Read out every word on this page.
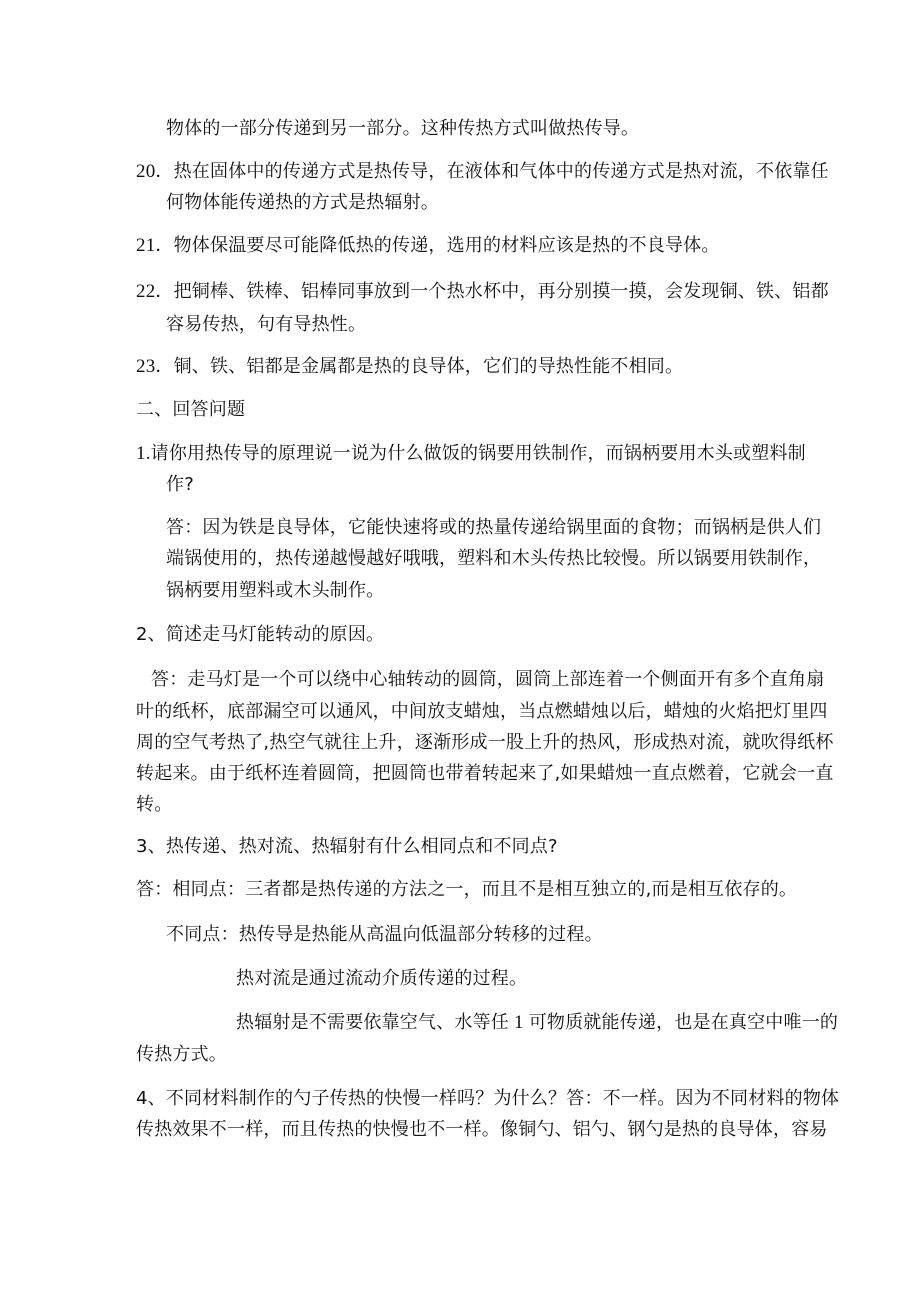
物体的一部分传递到另一部分。这种传热方式叫做热传导。
20．热在固体中的传递方式是热传导，在液体和气体中的传递方式是热对流，不依靠任
何物体能传递热的方式是热辐射。
21．物体保温要尽可能降低热的传递，选用的材料应该是热的不良导体。
22．把铜棒、铁棒、铝棒同事放到一个热水杯中，再分别摸一摸，会发现铜、铁、铝都
容易传热，句有导热性。
23．铜、铁、铝都是金属都是热的良导体，它们的导热性能不相同。
二、回答问题
1.请你用热传导的原理说一说为什么做饭的锅要用铁制作，而锅柄要用木头或塑料制
作?
答：因为铁是良导体，它能快速将或的热量传递给锅里面的食物；而锅柄是供人们
端锅使用的，热传递越慢越好哦哦，塑料和木头传热比较慢。所以锅要用铁制作，
锅柄要用塑料或木头制作。
2、简述走马灯能转动的原因。
答：走马灯是一个可以绕中心轴转动的圆筒，圆筒上部连着一个侧面开有多个直角扇
叶的纸杯，底部漏空可以通风，中间放支蜡烛，当点燃蜡烛以后，蜡烛的火焰把灯里四
周的空气考热了,热空气就往上升，逐渐形成一股上升的热风，形成热对流，就吹得纸杯
转起来。由于纸杯连着圆筒，把圆筒也带着转起来了,如果蜡烛一直点燃着，它就会一直
转。
3、热传递、热对流、热辐射有什么相同点和不同点?
答：相同点：三者都是热传递的方法之一，而且不是相互独立的,而是相互依存的。
不同点：热传导是热能从高温向低温部分转移的过程。
热对流是通过流动介质传递的过程。
热辐射是不需要依靠空气、水等任 1 可物质就能传递，也是在真空中唯一的
传热方式。
4、不同材料制作的勺子传热的快慢一样吗？为什么？答：不一样。因为不同材料的物体
传热效果不一样，而且传热的快慢也不一样。像铜勺、铝勺、钢勺是热的良导体，容易
